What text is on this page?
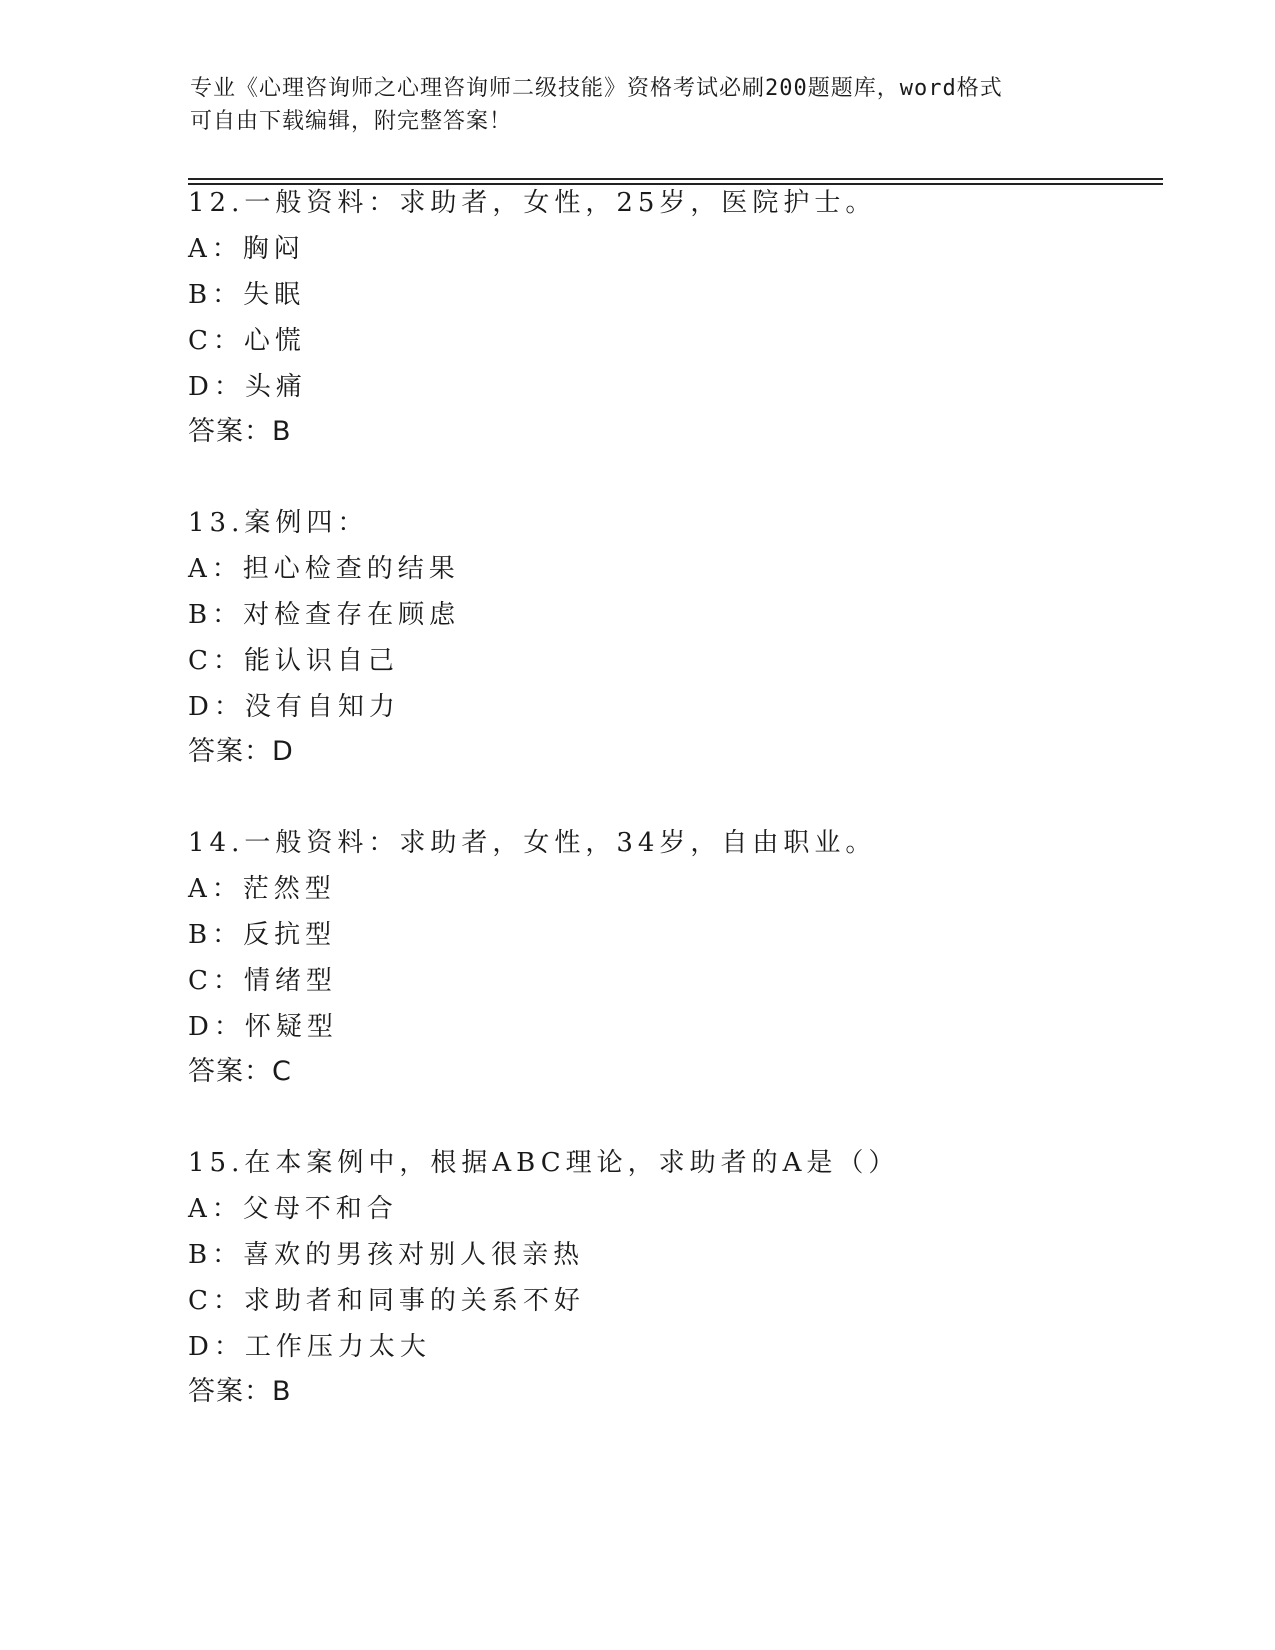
专业《心理咨询师之心理咨询师二级技能》资格考试必刷200题题库，word格式
可自由下载编辑，附完整答案！
12.一般资料：求助者，女性，25岁，医院护士。
A：胸闷
B：失眠
C：心慌
D：头痛
答案：B
13.案例四：
A：担心检查的结果
B：对检查存在顾虑
C：能认识自己
D：没有自知力
答案：D
14.一般资料：求助者，女性，34岁，自由职业。
A：茫然型
B：反抗型
C：情绪型
D：怀疑型
答案：C
15.在本案例中，根据ABC理论，求助者的A是（）
A：父母不和合
B：喜欢的男孩对别人很亲热
C：求助者和同事的关系不好
D：工作压力太大
答案：B
